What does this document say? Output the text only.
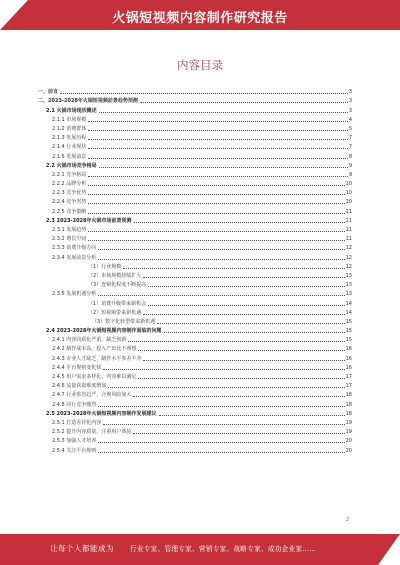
火锅短视频内容制作研究报告
内容目录
一、前言	3
二、2023-2028年火锅短视频前景趋势预测	3
2.1 火锅市场现状概述	3
2.1.1 市场规模	4
2.1.2 消费群体	5
2.1.3 发展历程	7
2.1.4 行业现状	7
2.1.5 发展前景	8
2.2 火锅市场竞争格局	9
2.2.1 竞争格局	9
2.2.2 品牌分析	10
2.2.3 竞争优势	10
2.2.4 竞争劣势	10
2.2.5 竞争策略	11
2.3 2023-2028年火锅市场前景预测	11
2.3.1 发展趋势	11
2.3.2 增长空间	11
2.3.3 消费升级方向	12
2.3.4 发展前景分析	12
（1）行业规模	12
（2）市场规模持续扩大	13
（3）连锁化程度不断提高	13
2.3.5 发展机遇分析	13
（1）消费升级带来新机会	14
（2）短视频带来新机遇	14
（3）数字化转型带来新机遇	15
2.4 2023-2028年火锅短视频内容制作面临的问题	15
2.4.1 内容同质化严重，缺乏创新	15
2.4.2 制作成本高，投入产出比不理想	16
2.4.3 专业人才缺乏，制作水平参差不齐	16
2.4.4 平台规则变化快	16
2.4.5 用户需求多样化，内容难以满足	17
2.4.6 流量获取难度增加	17
2.4.7 行业监管趋严，合规风险加大	18
2.4.8 同行竞争激烈	18
2.5 2023-2028年火锅短视频内容制作发展建议	18
2.5.1 打造差异化内容	19
2.5.2 提升内容质量，注重用户体验	19
2.5.3 加强人才培养	20
2.5.4 关注平台规则	20
2
让每个人都能成为 行业专家、管理专家、营销专家、战略专家、成功企业家……
